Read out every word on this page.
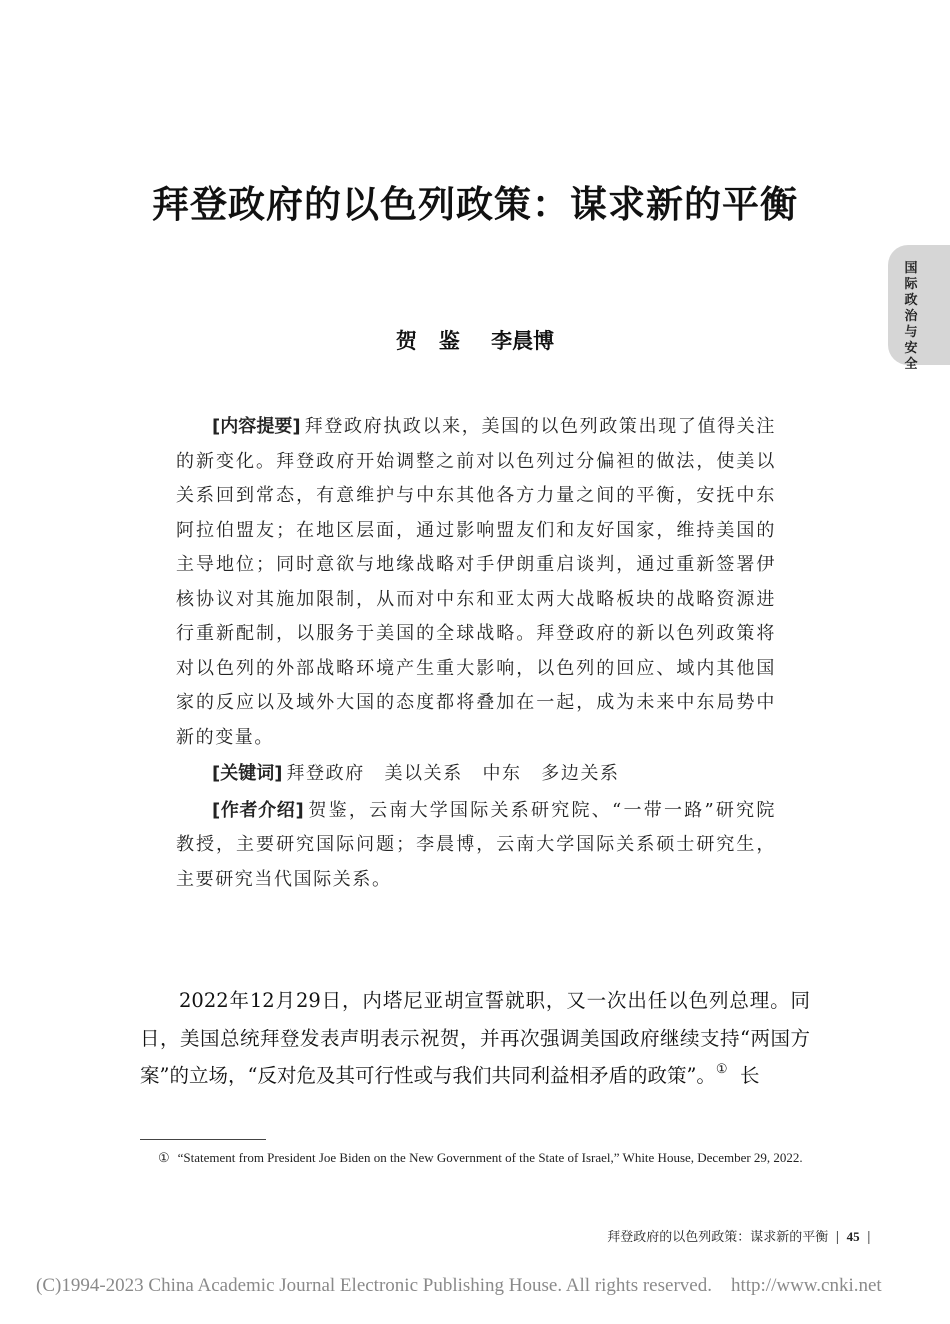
拜登政府的以色列政策：谋求新的平衡
国际政治与安全
贺鉴 李晨博

[内容提要] 拜登政府执政以来，美国的以色列政策出现了值得关注的新变化。拜登政府开始调整之前对以色列过分偏袒的做法，使美以关系回到常态，有意维护与中东其他各方力量之间的平衡，安抚中东阿拉伯盟友；在地区层面，通过影响盟友们和友好国家，维持美国的主导地位；同时意欲与地缘战略对手伊朗重启谈判，通过重新签署伊核协议对其施加限制，从而对中东和亚太两大战略板块的战略资源进行重新配制，以服务于美国的全球战略。拜登政府的新以色列政策将对以色列的外部战略环境产生重大影响，以色列的回应、域内其他国家的反应以及域外大国的态度都将叠加在一起，成为未来中东局势中新的变量。

[关键词] 拜登政府　美以关系　中东　多边关系

[作者介绍] 贺鉴，云南大学国际关系研究院、“一带一路”研究院教授，主要研究国际问题；李晨博，云南大学国际关系硕士研究生，主要研究当代国际关系。

2022年12月29日，内塔尼亚胡宣誓就职，又一次出任以色列总理。同日，美国总统拜登发表声明表示祝贺，并再次强调美国政府继续支持“两国方案”的立场，“反对危及其可行性或与我们共同利益相矛盾的政策”。① 长

① “Statement from President Joe Biden on the New Government of the State of Israel,” White House, December 29, 2022.

拜登政府的以色列政策：谋求新的平衡 | 45 |

(C)1994-2023 China Academic Journal Electronic Publishing House. All rights reserved.　http://www.cnki.net
